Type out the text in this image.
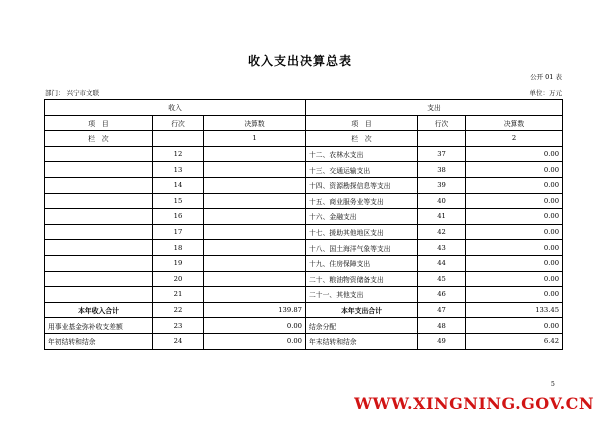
收入支出决算总表
公开 01 表
部门： 兴宁市文联	单位：万元
收入			支出		
项　目	行次	决算数	项　目	行次	决算数
栏　次		1	栏　次		2
	12		十二、农林水支出	37	0.00
	13		十三、交通运输支出	38	0.00
	14		十四、资源勘探信息等支出	39	0.00
	15		十五、商业服务业等支出	40	0.00
	16		十六、金融支出	41	0.00
	17		十七、援助其他地区支出	42	0.00
	18		十八、国土海洋气象等支出	43	0.00
	19		十九、住房保障支出	44	0.00
	20		二十、粮油物资储备支出	45	0.00
	21		二十一、其他支出	46	0.00
本年收入合计	22	139.87	本年支出合计	47	133.45
用事业基金弥补收支差额	23	0.00	结余分配	48	0.00
年初结转和结余	24	0.00	年末结转和结余	49	6.42
5
WWW.XINGNING.GOV.CN
